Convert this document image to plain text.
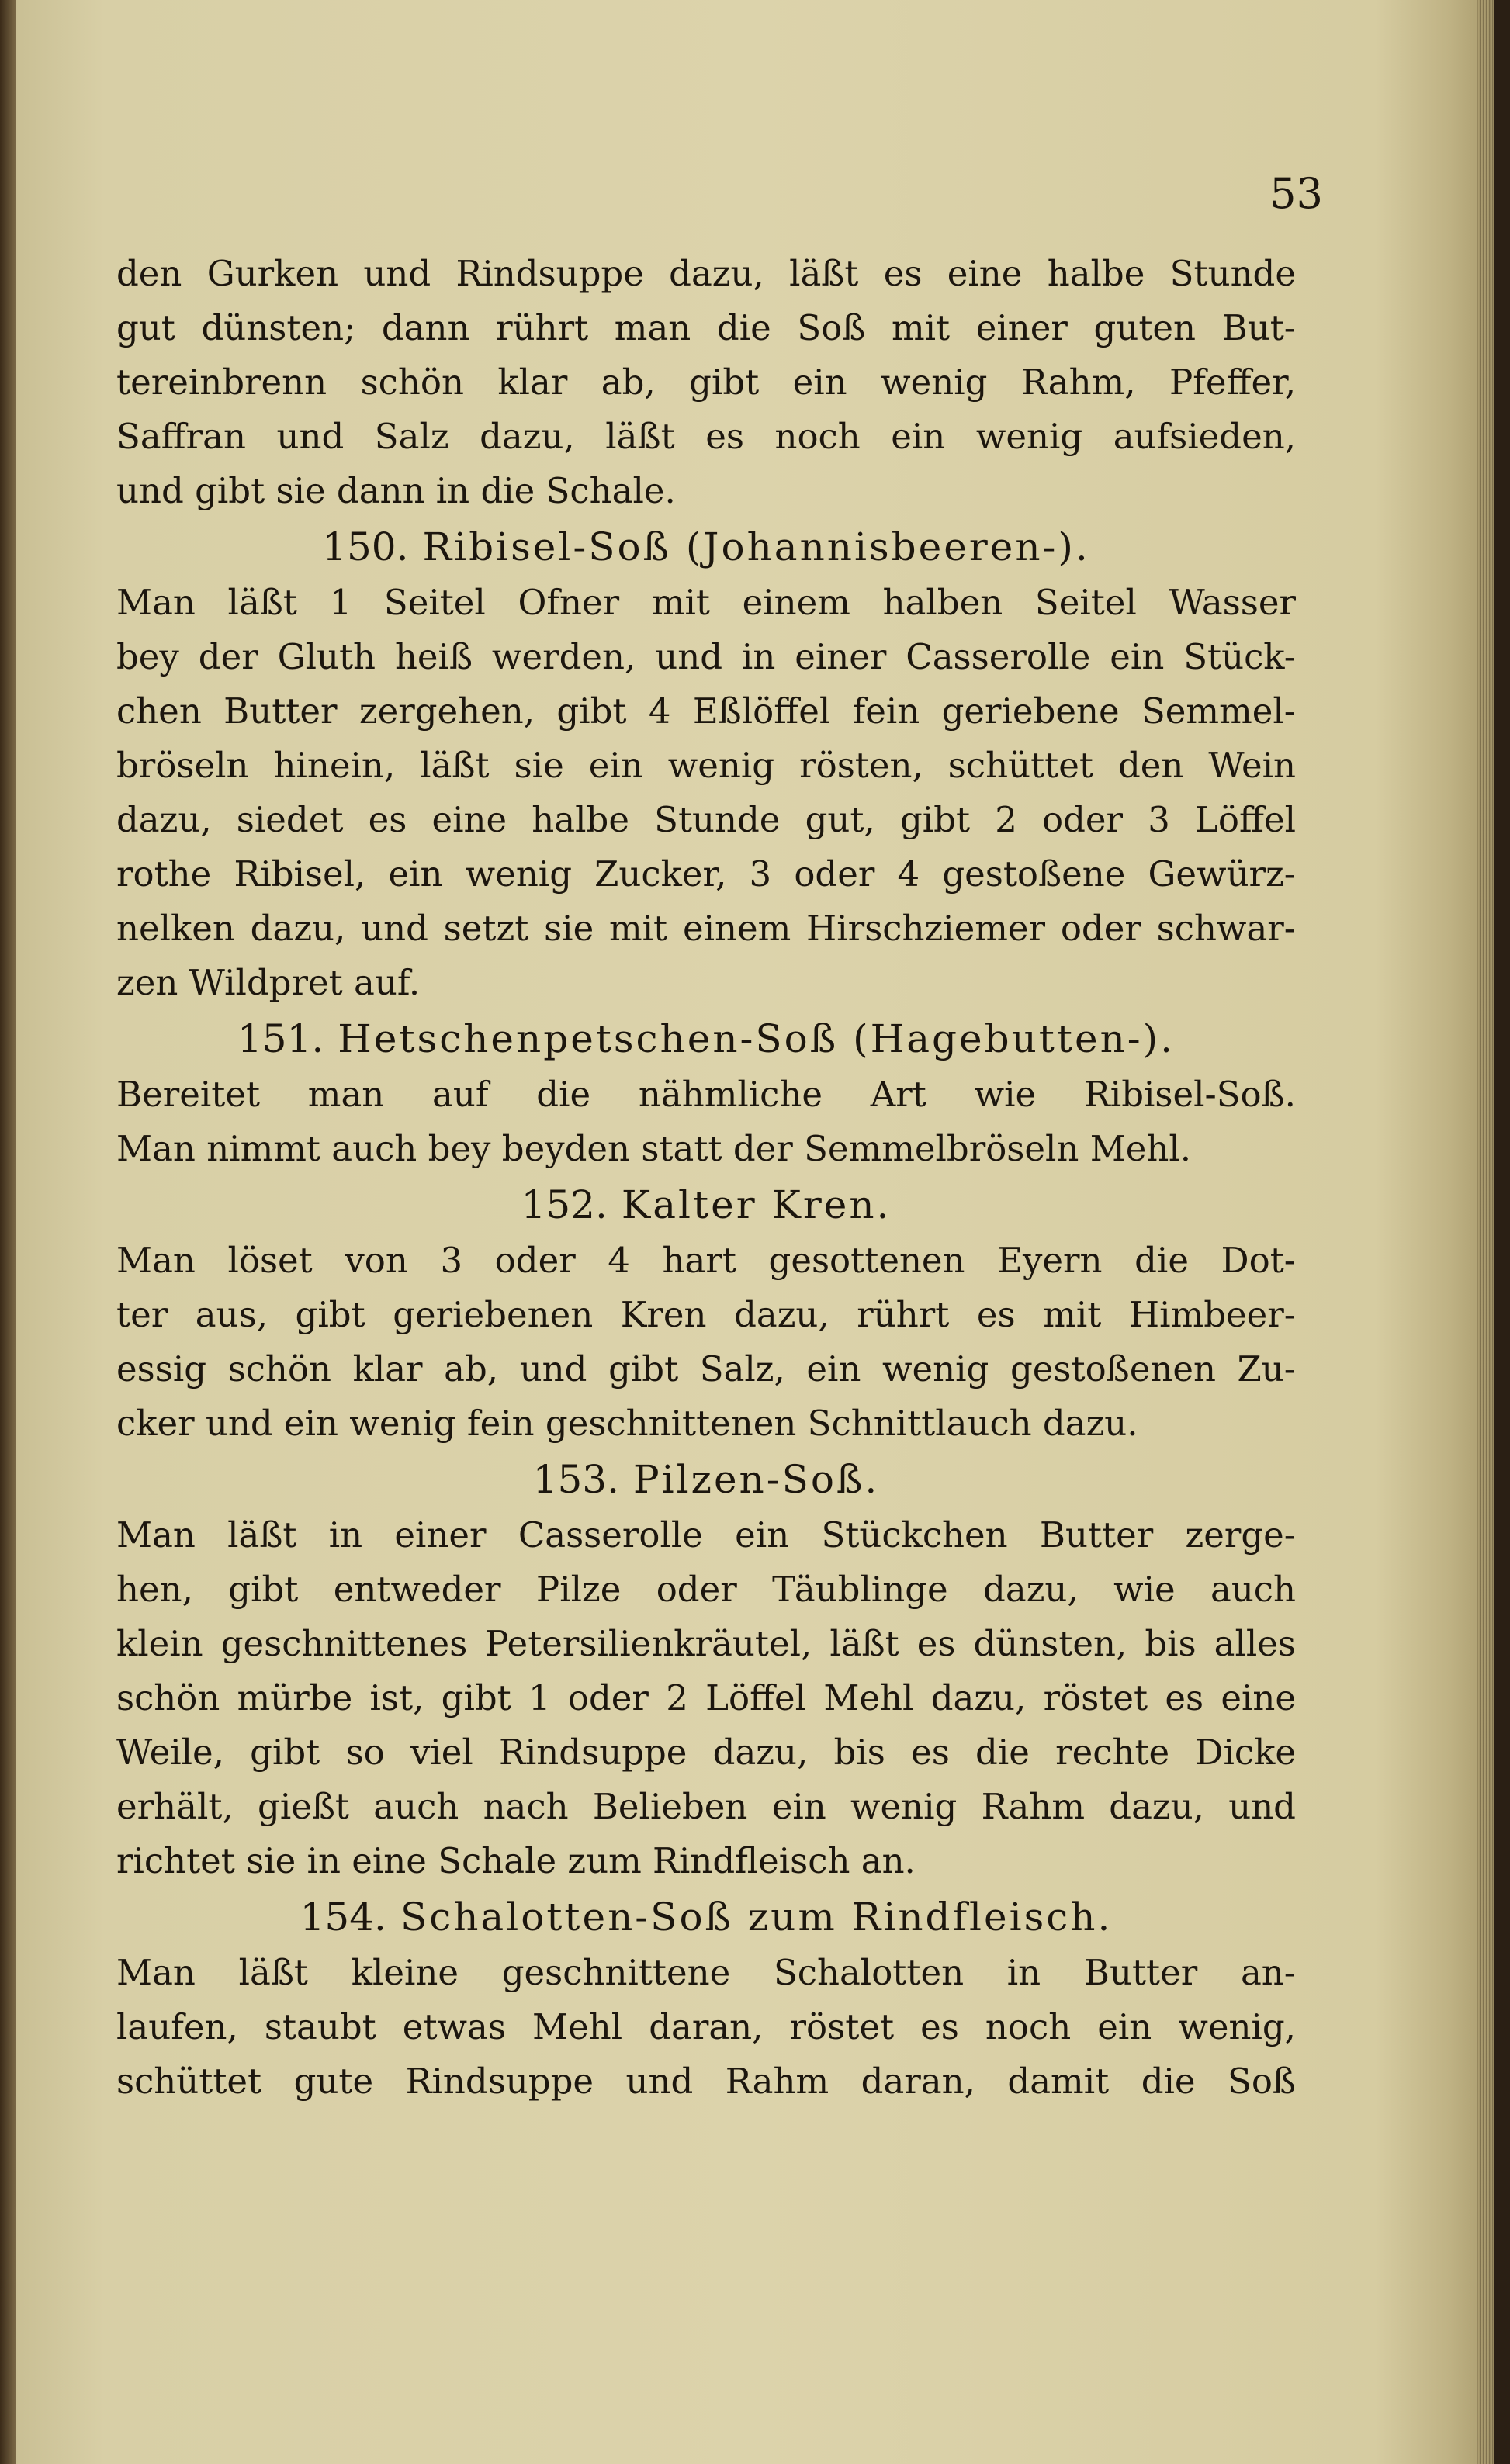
53
den Gurken und Rindsuppe dazu, läßt es eine halbe Stunde
gut dünsten; dann rührt man die Soß mit einer guten But-
tereinbrenn schön klar ab, gibt ein wenig Rahm, Pfeffer,
Saffran und Salz dazu, läßt es noch ein wenig aufsieden,
und gibt sie dann in die Schale.
150. Ribisel-Soß (Johannisbeeren-).
Man läßt 1 Seitel Ofner mit einem halben Seitel Wasser
bey der Gluth heiß werden, und in einer Casserolle ein Stück-
chen Butter zergehen, gibt 4 Eßlöffel fein geriebene Semmel-
bröseln hinein, läßt sie ein wenig rösten, schüttet den Wein
dazu, siedet es eine halbe Stunde gut, gibt 2 oder 3 Löffel
rothe Ribisel, ein wenig Zucker, 3 oder 4 gestoßene Gewürz-
nelken dazu, und setzt sie mit einem Hirschziemer oder schwar-
zen Wildpret auf.
151. Hetschenpetschen-Soß (Hagebutten-).
Bereitet man auf die nähmliche Art wie Ribisel-Soß.
Man nimmt auch bey beyden statt der Semmelbröseln Mehl.
152. Kalter Kren.
Man löset von 3 oder 4 hart gesottenen Eyern die Dot-
ter aus, gibt geriebenen Kren dazu, rührt es mit Himbeer-
essig schön klar ab, und gibt Salz, ein wenig gestoßenen Zu-
cker und ein wenig fein geschnittenen Schnittlauch dazu.
153. Pilzen-Soß.
Man läßt in einer Casserolle ein Stückchen Butter zerge-
hen, gibt entweder Pilze oder Täublinge dazu, wie auch
klein geschnittenes Petersilienkräutel, läßt es dünsten, bis alles
schön mürbe ist, gibt 1 oder 2 Löffel Mehl dazu, röstet es eine
Weile, gibt so viel Rindsuppe dazu, bis es die rechte Dicke
erhält, gießt auch nach Belieben ein wenig Rahm dazu, und
richtet sie in eine Schale zum Rindfleisch an.
154. Schalotten-Soß zum Rindfleisch.
Man läßt kleine geschnittene Schalotten in Butter an-
laufen, staubt etwas Mehl daran, röstet es noch ein wenig,
schüttet gute Rindsuppe und Rahm daran, damit die Soß
